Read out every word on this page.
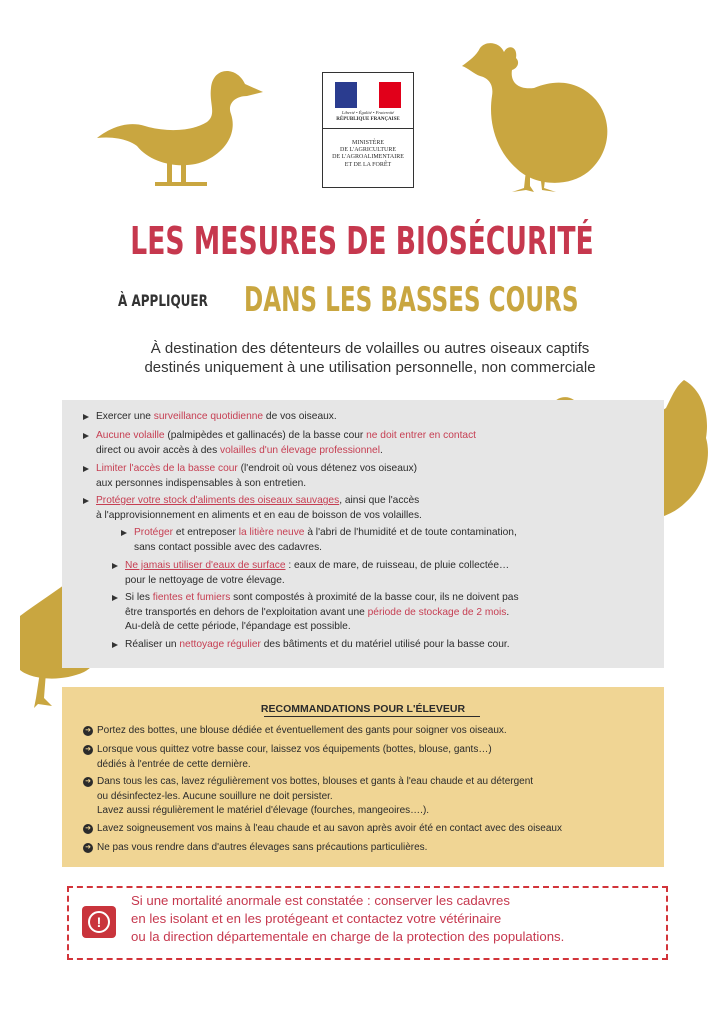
Liberté • Égalité • Fraternité
RÉPUBLIQUE FRANÇAISE
MINISTÈRE
DE L'AGRICULTURE
DE L'AGROALIMENTAIRE
ET DE LA FORÊT
LES MESURES DE BIOSÉCURITÉ
À APPLIQUER DANS LES BASSES COURS
À destination des détenteurs de volailles ou autres oiseaux captifs
destinés uniquement à une utilisation personnelle, non commerciale
Exercer une surveillance quotidienne de vos oiseaux.
Aucune volaille (palmipèdes et gallinacés) de la basse cour ne doit entrer en contact
direct ou avoir accès à des volailles d'un élevage professionnel.
Limiter l'accès de la basse cour (l'endroit où vous détenez vos oiseaux)
aux personnes indispensables à son entretien.
Protéger votre stock d'aliments des oiseaux sauvages, ainsi que l'accès
à l'approvisionnement en aliments et en eau de boisson de vos volailles.
Protéger et entreposer la litière neuve à l'abri de l'humidité et de toute contamination,
sans contact possible avec des cadavres.
Ne jamais utiliser d'eaux de surface : eaux de mare, de ruisseau, de pluie collectée…
pour le nettoyage de votre élevage.
Si les fientes et fumiers sont compostés à proximité de la basse cour, ils ne doivent pas
être transportés en dehors de l'exploitation avant une période de stockage de 2 mois.
Au-delà de cette période, l'épandage est possible.
Réaliser un nettoyage régulier des bâtiments et du matériel utilisé pour la basse cour.
RECOMMANDATIONS POUR L'ÉLEVEUR
➜ Portez des bottes, une blouse dédiée et éventuellement des gants pour soigner vos oiseaux.
➜ Lorsque vous quittez votre basse cour, laissez vos équipements (bottes, blouse, gants…)
dédiés à l'entrée de cette dernière.
➜ Dans tous les cas, lavez régulièrement vos bottes, blouses et gants à l'eau chaude et au détergent
ou désinfectez-les. Aucune souillure ne doit persister.
Lavez aussi régulièrement le matériel d'élevage (fourches, mangeoires….).
➜ Lavez soigneusement vos mains à l'eau chaude et au savon après avoir été en contact avec des oiseaux
➜ Ne pas vous rendre dans d'autres élevages sans précautions particulières.
!
Si une mortalité anormale est constatée : conserver les cadavres
en les isolant et en les protégeant et contactez votre vétérinaire
ou la direction départementale en charge de la protection des populations.
